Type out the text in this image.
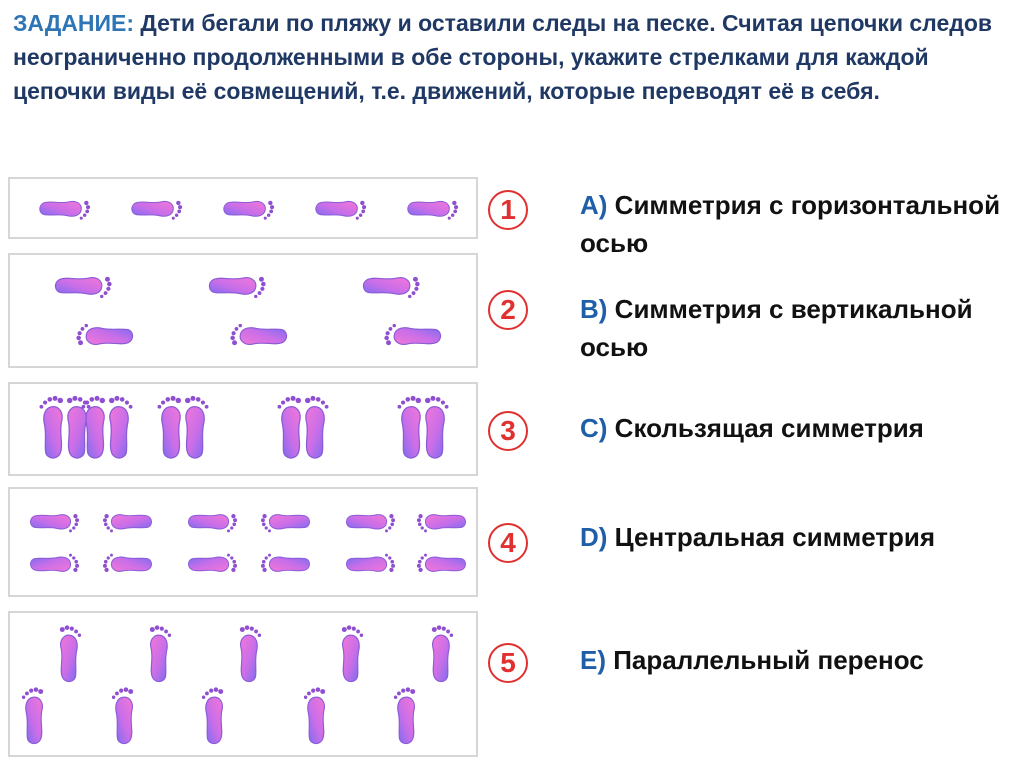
ЗАДАНИЕ: Дети бегали по пляжу и оставили следы на песке. Считая цепочки следов неограниченно продолженными в обе стороны, укажите стрелками для каждой цепочки виды её совмещений, т.е. движений, которые переводят её в себя.
1
2
3
4
5
A) Симметрия с горизонтальной осью
B) Симметрия с вертикальной осью
C) Скользящая симметрия
D) Центральная симметрия
E) Параллельный перенос
